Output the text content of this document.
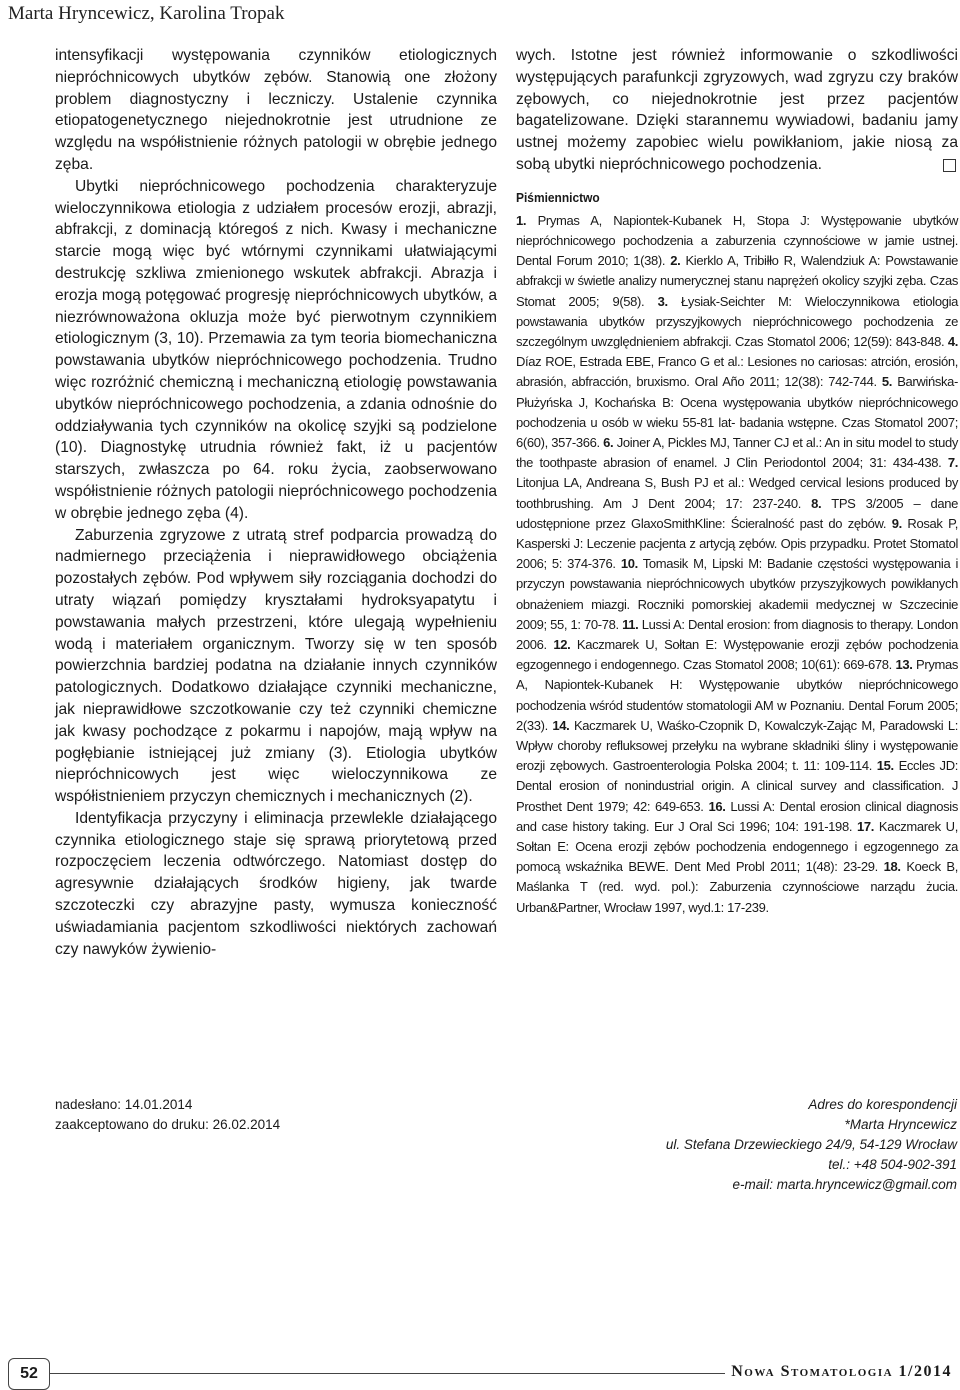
Marta Hryncewicz, Karolina Tropak

intensyfikacji występowania czynników etiologicznych niepróchnicowych ubytków zębów. Stanowią one złożony problem diagnostyczny i leczniczy. Ustalenie czynnika etiopatogenetycznego niejednokrotnie jest utrudnione ze względu na współistnienie różnych patologii w obrębie jednego zęba.

Ubytki niepróchnicowego pochodzenia charakteryzuje wieloczynnikowa etiologia z udziałem procesów erozji, abrazji, abfrakcji, z dominacją któregoś z nich. Kwasy i mechaniczne starcie mogą więc być wtórnymi czynnikami ułatwiającymi destrukcję szkliwa zmienionego wskutek abfrakcji. Abrazja i erozja mogą potęgować progresję niepróchnicowych ubytków, a niezrównoważona okluzja może być pierwotnym czynnikiem etiologicznym (3, 10). Przemawia za tym teoria biomechaniczna powstawania ubytków niepróchnicowego pochodzenia. Trudno więc rozróżnić chemiczną i mechaniczną etiologię powstawania ubytków niepróchnicowego pochodzenia, a zdania odnośnie do oddziaływania tych czynników na okolicę szyjki są podzielone (10). Diagnostykę utrudnia również fakt, iż u pacjentów starszych, zwłaszcza po 64. roku życia, zaobserwowano współistnienie różnych patologii niepróchnicowego pochodzenia w obrębie jednego zęba (4).

Zaburzenia zgryzowe z utratą stref podparcia prowadzą do nadmiernego przeciążenia i nieprawidłowego obciążenia pozostałych zębów. Pod wpływem siły rozciągania dochodzi do utraty wiązań pomiędzy kryształami hydroksyapatytu i powstawania małych przestrzeni, które ulegają wypełnieniu wodą i materiałem organicznym. Tworzy się w ten sposób powierzchnia bardziej podatna na działanie innych czynników patologicznych. Dodatkowo działające czynniki mechaniczne, jak nieprawidłowe szczotkowanie czy też czynniki chemiczne jak kwasy pochodzące z pokarmu i napojów, mają wpływ na pogłębianie istniejącej już zmiany (3). Etiologia ubytków niepróchnicowych jest więc wieloczynnikowa ze współistnieniem przyczyn chemicznych i mechanicznych (2).

Identyfikacja przyczyny i eliminacja przewlekle działającego czynnika etiologicznego staje się sprawą priorytetową przed rozpoczęciem leczenia odtwórczego. Natomiast dostęp do agresywnie działających środków higieny, jak twarde szczoteczki czy abrazyjne pasty, wymusza konieczność uświadamiania pacjentom szkodliwości niektórych zachowań czy nawyków żywienio-

wych. Istotne jest również informowanie o szkodliwości występujących parafunkcji zgryzowych, wad zgryzu czy braków zębowych, co niejednokrotnie jest przez pacjentów bagatelizowane. Dzięki starannemu wywiadowi, badaniu jamy ustnej możemy zapobiec wielu powikłaniom, jakie niosą za sobą ubytki niepróchnicowego pochodzenia.
Piśmiennictwo

1. Prymas A, Napiontek-Kubanek H, Stopa J: Występowanie ubytków niepróchnicowego pochodzenia a zaburzenia czynnościowe w jamie ustnej. Dental Forum 2010; 1(38). 2. Kierklo A, Tribiłło R, Walendziuk A: Powstawanie abfrakcji w świetle analizy numerycznej stanu naprężeń okolicy szyjki zęba. Czas Stomat 2005; 9(58). 3. Łysiak-Seichter M: Wieloczynnikowa etiologia powstawania ubytków przyszyjkowych niepróchnicowego pochodzenia ze szczególnym uwzględnieniem abfrakcji. Czas Stomatol 2006; 12(59): 843-848. 4. Díaz ROE, Estrada EBE, Franco G et al.: Lesiones no cariosas: atrción, erosión, abrasión, abfracción, bruxismo. Oral Año 2011; 12(38): 742-744. 5. Barwińska-Płużyńska J, Kochańska B: Ocena występowania ubytków niepróchnicowego pochodzenia u osób w wieku 55-81 lat- badania wstępne. Czas Stomatol 2007; 6(60), 357-366. 6. Joiner A, Pickles MJ, Tanner CJ et al.: An in situ model to study the toothpaste abrasion of enamel. J Clin Periodontol 2004; 31: 434-438. 7. Litonjua LA, Andreana S, Bush PJ et al.: Wedged cervical lesions produced by toothbrushing. Am J Dent 2004; 17: 237-240. 8. TPS 3/2005 – dane udostępnione przez GlaxoSmithKline: Ścieralność past do zębów. 9. Rosak P, Kasperski J: Leczenie pacjenta z artycją zębów. Opis przypadku. Protet Stomatol 2006; 5: 374-376. 10. Tomasik M, Lipski M: Badanie częstości występowania i przyczyn powstawania niepróchnicowych ubytków przyszyjkowych powikłanych obnażeniem miazgi. Roczniki pomorskiej akademii medycznej w Szczecinie 2009; 55, 1: 70-78. 11. Lussi A: Dental erosion: from diagnosis to therapy. London 2006. 12. Kaczmarek U, Sołtan E: Występowanie erozji zębów pochodzenia egzogennego i endogennego. Czas Stomatol 2008; 10(61): 669-678. 13. Prymas A, Napiontek-Kubanek H: Występowanie ubytków niepróchnicowego pochodzenia wśród studentów stomatologii AM w Poznaniu. Dental Forum 2005; 2(33). 14. Kaczmarek U, Waśko-Czopnik D, Kowalczyk-Zając M, Paradowski L: Wpływ choroby refluksowej przełyku na wybrane składniki śliny i występowanie erozji zębowych. Gastroenterologia Polska 2004; t. 11: 109-114. 15. Eccles JD: Dental erosion of nonindustrial origin. A clinical survey and classification. J Prosthet Dent 1979; 42: 649-653. 16. Lussi A: Dental erosion clinical diagnosis and case history taking. Eur J Oral Sci 1996; 104: 191-198. 17. Kaczmarek U, Sołtan E: Ocena erozji zębów pochodzenia endogennego i egzogennego za pomocą wskaźnika BEWE. Dent Med Probl 2011; 1(48): 23-29. 18. Koeck B, Maślanka T (red. wyd. pol.): Zaburzenia czynnościowe narządu żucia. Urban&Partner, Wrocław 1997, wyd.1: 17-239.

nadesłano: 14.01.2014
zaakceptowano do druku: 26.02.2014
Adres do korespondencji
*Marta Hryncewicz
ul. Stefana Drzewieckiego 24/9, 54-129 Wrocław
tel.: +48 504-902-391
e-mail: marta.hryncewicz@gmail.com
52	Nowa Stomatologia 1/2014
